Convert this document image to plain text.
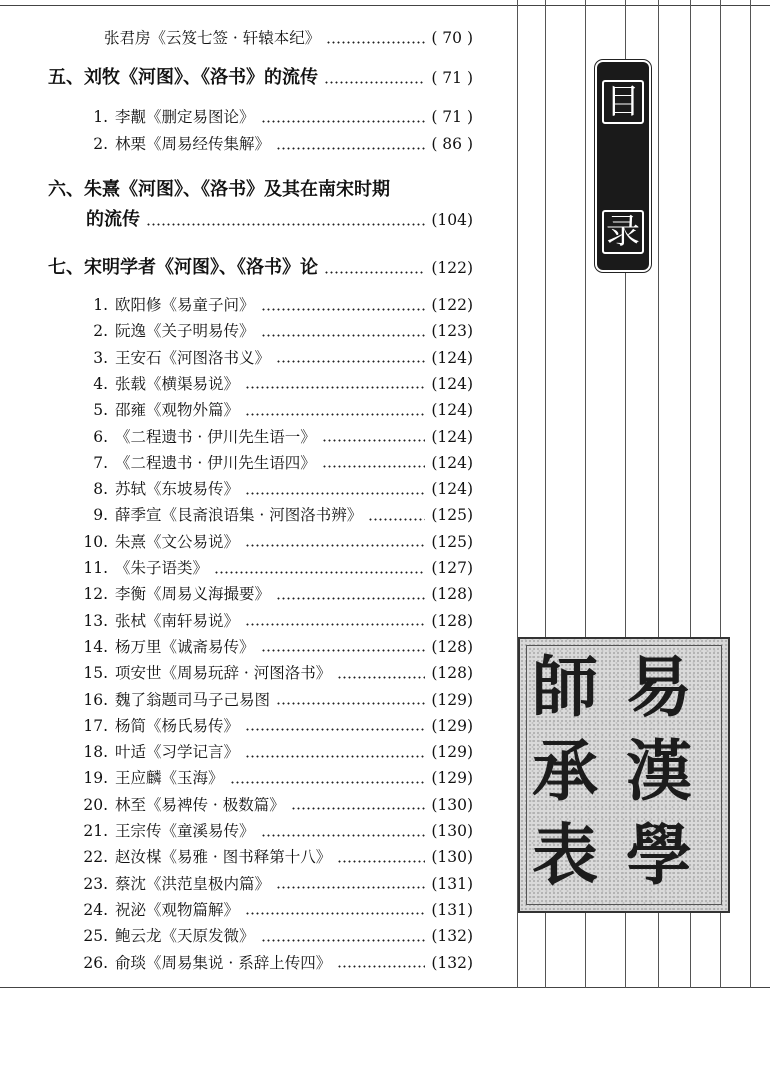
张君房《云笈七签 · 轩辕本纪》	( 70 )
五、刘牧《河图》、《洛书》的流传	( 71 )
1. 李觏《删定易图论》	( 71 )
2. 林栗《周易经传集解》	( 86 )
六、朱熹《河图》、《洛书》及其在南宋时期
的流传	(104)
七、宋明学者《河图》、《洛书》论	(122)
1. 欧阳修《易童子问》	(122)
2. 阮逸《关子明易传》	(123)
3. 王安石《河图洛书义》	(124)
4. 张载《横渠易说》	(124)
5. 邵雍《观物外篇》	(124)
6. 《二程遗书 · 伊川先生语一》	(124)
7. 《二程遗书 · 伊川先生语四》	(124)
8. 苏轼《东坡易传》	(124)
9. 薛季宣《艮斋浪语集 · 河图洛书辨》	(125)
10. 朱熹《文公易说》	(125)
11. 《朱子语类》	(127)
12. 李衡《周易义海撮要》	(128)
13. 张栻《南轩易说》	(128)
14. 杨万里《诚斋易传》	(128)
15. 项安世《周易玩辞 · 河图洛书》	(128)
16. 魏了翁题司马子己易图	(129)
17. 杨简《杨氏易传》	(129)
18. 叶适《习学记言》	(129)
19. 王应麟《玉海》	(129)
20. 林至《易裨传 · 极数篇》	(130)
21. 王宗传《童溪易传》	(130)
22. 赵汝楳《易雅 · 图书释第十八》	(130)
23. 蔡沈《洪范皇极内篇》	(131)
24. 祝泌《观物篇解》	(131)
25. 鲍云龙《天原发微》	(132)
26. 俞琰《周易集说 · 系辞上传四》	(132)
目
录
易
漢
學
師
承
表
